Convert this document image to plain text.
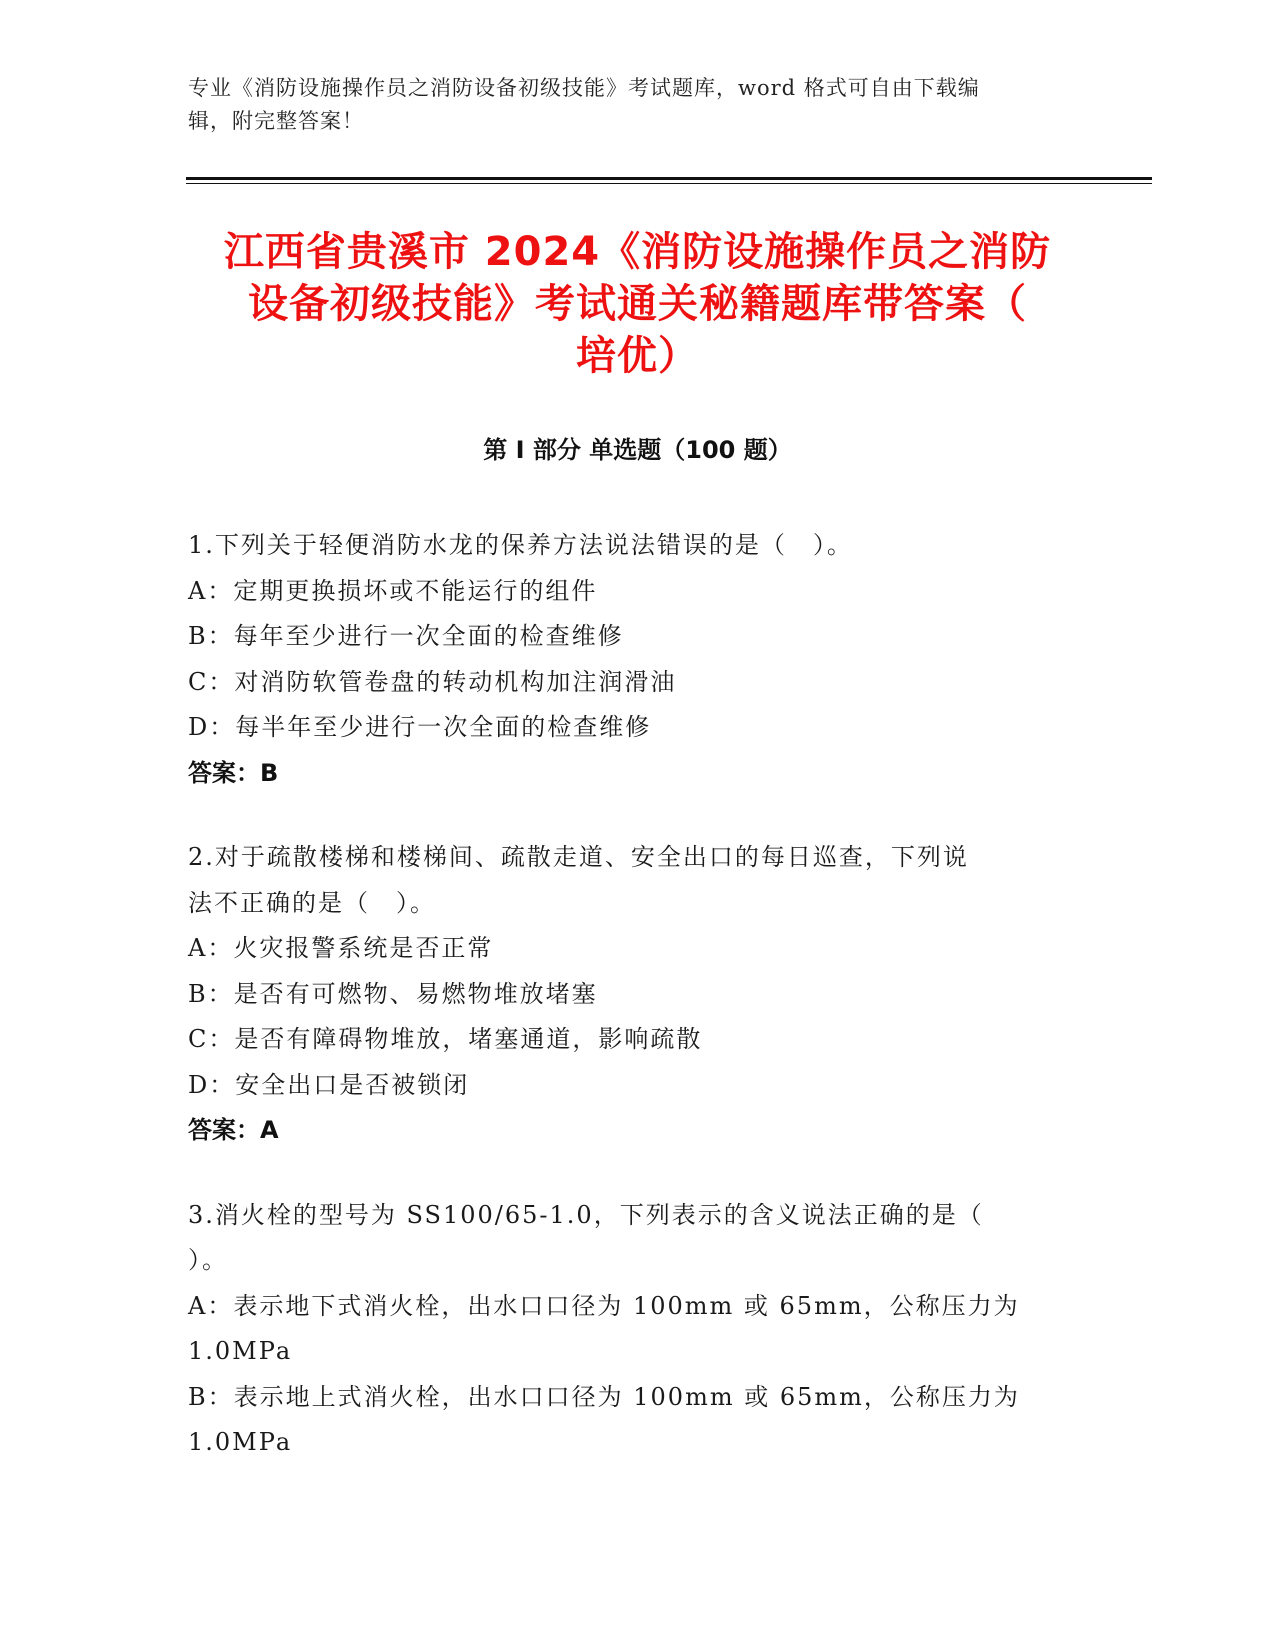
专业《消防设施操作员之消防设备初级技能》考试题库，word 格式可自由下载编
辑，附完整答案！
江西省贵溪市 2024《消防设施操作员之消防
设备初级技能》考试通关秘籍题库带答案（
培优）
第 I 部分 单选题（100 题）
1.下列关于轻便消防水龙的保养方法说法错误的是（　）。
A：定期更换损坏或不能运行的组件
B：每年至少进行一次全面的检查维修
C：对消防软管卷盘的转动机构加注润滑油
D：每半年至少进行一次全面的检查维修
答案：B
2.对于疏散楼梯和楼梯间、疏散走道、安全出口的每日巡查，下列说
法不正确的是（　）。
A：火灾报警系统是否正常
B：是否有可燃物、易燃物堆放堵塞
C：是否有障碍物堆放，堵塞通道，影响疏散
D：安全出口是否被锁闭
答案：A
3.消火栓的型号为 SS100/65-1.0，下列表示的含义说法正确的是（
）。
A：表示地下式消火栓，出水口口径为 100mm 或 65mm，公称压力为
1.0MPa
B：表示地上式消火栓，出水口口径为 100mm 或 65mm，公称压力为
1.0MPa
